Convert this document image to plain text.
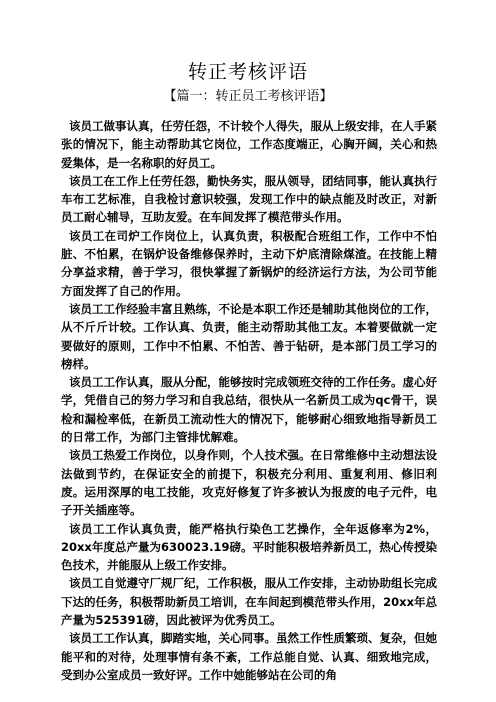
转正考核评语
【篇一：转正员工考核评语】

该员工做事认真，任劳任怨，不计较个人得失，服从上级安排，在人手紧张的情况下，能主动帮助其它岗位，工作态度端正，心胸开阔，关心和热爱集体，是一名称职的好员工。

该员工在工作上任劳任怨，勤快务实，服从领导，团结同事，能认真执行车布工艺标准，自我检讨意识较强，发现工作中的缺点能及时改正，对新员工耐心辅导，互助友爱。在车间发挥了模范带头作用。

该员工在司炉工作岗位上，认真负责，积极配合班组工作，工作中不怕脏、不怕累，在锅炉设备维修保养时，主动下炉底清除煤渣。在技能上精分享益求精，善于学习，很快掌握了新锅炉的经济运行方法，为公司节能方面发挥了自己的作用。

该员工工作经验丰富且熟练，不论是本职工作还是辅助其他岗位的工作，从不斤斤计较。工作认真、负责，能主动帮助其他工友。本着要做就一定要做好的原则，工作中不怕累、不怕苦、善于钻研，是本部门员工学习的榜样。

该员工工作认真，服从分配，能够按时完成领班交待的工作任务。虚心好学，凭借自己的努力学习和自我总结，很快从一名新员工成为qc骨干，误检和漏检率低，在新员工流动性大的情况下，能够耐心细致地指导新员工的日常工作，为部门主管排忧解难。

该员工热爱工作岗位，以身作则，个人技术强。在日常维修中主动想法设法做到节约，在保证安全的前提下，积极充分利用、重复利用、修旧利废。运用深厚的电工技能，攻克好修复了许多被认为报废的电子元件，电子开关插座等。

该员工工作认真负责，能严格执行染色工艺操作，全年返修率为2%，20xx年度总产量为630023.19磅。平时能积极培养新员工，热心传授染色技术，并能服从上级工作安排。

该员工自觉遵守厂规厂纪，工作积极，服从工作安排，主动协助组长完成下达的任务，积极帮助新员工培训，在车间起到模范带头作用，20xx年总产量为525391磅，因此被评为优秀员工。

该员工工作认真，脚踏实地，关心同事。虽然工作性质繁琐、复杂，但她能平和的对待，处理事情有条不紊，工作总能自觉、认真、细致地完成，受到办公室成员一致好评。工作中她能够站在公司的角
